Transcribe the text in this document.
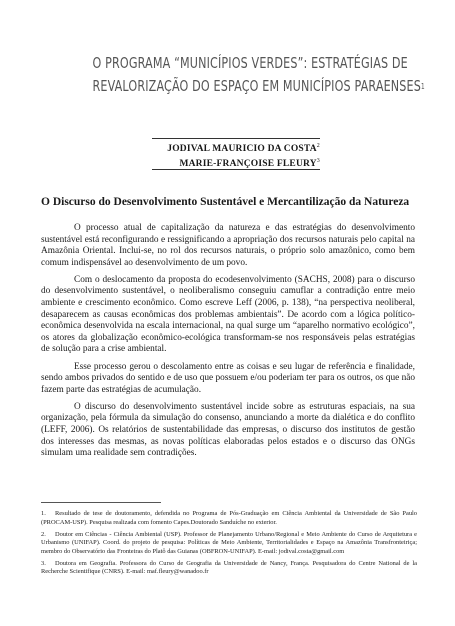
O PROGRAMA “MUNICÍPIOS VERDES”: ESTRATÉGIAS DE
REVALORIZAÇÃO DO ESPAÇO EM MUNICÍPIOS PARAENSES$^1$
JODIVAL MAURICIO DA COSTA$^2$
MARIE-FRANÇOISE FLEURY$^3$
O Discurso do Desenvolvimento Sustentável e Mercantilização da Natureza

O processo atual de capitalização da natureza e das estratégias do desenvolvimento sustentável está reconfigurando e ressignificando a apropriação dos recursos naturais pelo capital na Amazônia Oriental. Inclui-se, no rol dos recursos naturais, o próprio solo amazônico, como bem comum indispensável ao desenvolvimento de um povo.

Com o deslocamento da proposta do ecodesenvolvimento (SACHS, 2008) para o discurso do desenvolvimento sustentável, o neoliberalismo conseguiu camuflar a contradição entre meio ambiente e crescimento econômico. Como escreve Leff (2006, p. 138), “na perspectiva neoliberal, desaparecem as causas econômicas dos problemas ambientais”. De acordo com a lógica político-econômica desenvolvida na escala internacional, na qual surge um “aparelho normativo ecológico”, os atores da globalização econômico-ecológica transformam-se nos responsáveis pelas estratégias de solução para a crise ambiental.

Esse processo gerou o descolamento entre as coisas e seu lugar de referência e finalidade, sendo ambos privados do sentido e de uso que possuem e/ou poderiam ter para os outros, os que não fazem parte das estratégias de acumulação.

O discurso do desenvolvimento sustentável incide sobre as estruturas espaciais, na sua organização, pela fórmula da simulação do consenso, anunciando a morte da dialética e do conflito (LEFF, 2006). Os relatórios de sustentabilidade das empresas, o discurso dos institutos de gestão dos interesses das mesmas, as novas políticas elaboradas pelos estados e o discurso das ONGs simulam uma realidade sem contradições.

1. Resultado de tese de doutoramento, defendida no Programa de Pós-Graduação em Ciência Ambiental da Universidade de São Paulo (PROCAM-USP). Pesquisa realizada com fomento Capes.Doutorado Sanduíche no exterior.
2. Doutor em Ciências - Ciência Ambiental (USP). Professor de Planejamento Urbano/Regional e Meio Ambiente do Curso de Arquitetura e Urbanismo (UNIFAP). Coord. do projeto de pesquisa: Políticas de Meio Ambiente, Territorialidades e Espaço na Amazônia Transfronteiriça; membro do Observatório das Fronteiras do Platô das Guianas (OBFRON-UNIFAP). E-mail: jodival.costa@gmail.com
3. Doutora em Geografia. Professora do Curso de Geografia da Universidade de Nancy, França. Pesquisadora do Centre National de la Recherche Scientifique (CNRS). E-mail: maf.fleury@wanadoo.fr
